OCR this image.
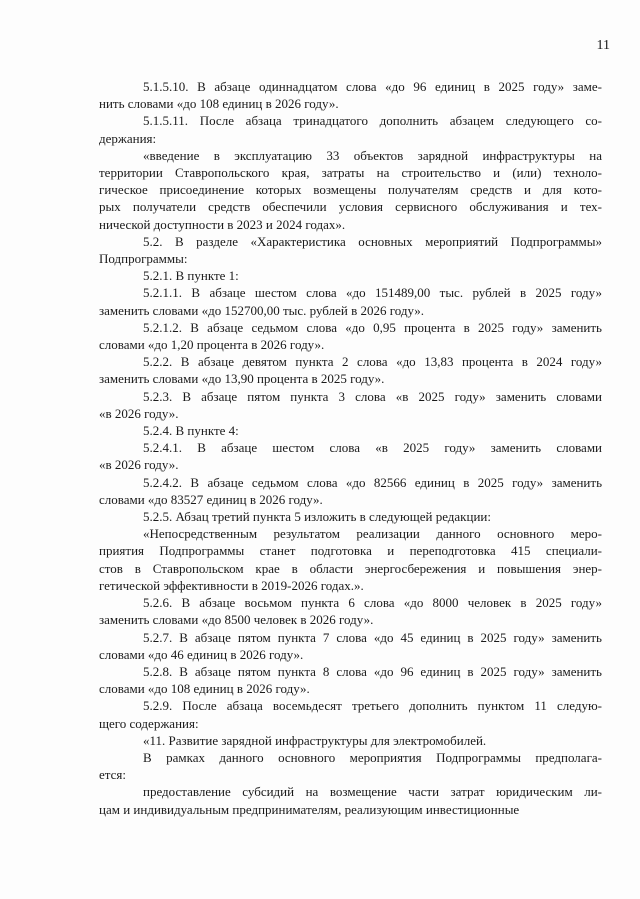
11
5.1.5.10. В абзаце одиннадцатом слова «до 96 единиц в 2025 году» заме-
нить словами «до 108 единиц в 2026 году».
5.1.5.11. После абзаца тринадцатого дополнить абзацем следующего со-
держания:
«введение в эксплуатацию 33 объектов зарядной инфраструктуры на
территории Ставропольского края, затраты на строительство и (или) техноло-
гическое присоединение которых возмещены получателям средств и для кото-
рых получатели средств обеспечили условия сервисного обслуживания и тех-
нической доступности в 2023 и 2024 годах».
5.2. В разделе «Характеристика основных мероприятий Подпрограммы»
Подпрограммы:
5.2.1. В пункте 1:
5.2.1.1. В абзаце шестом слова «до 151489,00 тыс. рублей в 2025 году»
заменить словами «до 152700,00 тыс. рублей в 2026 году».
5.2.1.2. В абзаце седьмом слова «до 0,95 процента в 2025 году» заменить
словами «до 1,20 процента в 2026 году».
5.2.2. В абзаце девятом пункта 2 слова «до 13,83 процента в 2024 году»
заменить словами «до 13,90 процента в 2025 году».
5.2.3. В абзаце пятом пункта 3 слова «в 2025 году» заменить словами
«в 2026 году».
5.2.4. В пункте 4:
5.2.4.1. В абзаце шестом слова «в 2025 году» заменить словами
«в 2026 году».
5.2.4.2. В абзаце седьмом слова «до 82566 единиц в 2025 году» заменить
словами «до 83527 единиц в 2026 году».
5.2.5. Абзац третий пункта 5 изложить в следующей редакции:
«Непосредственным результатом реализации данного основного меро-
приятия Подпрограммы станет подготовка и переподготовка 415 специали-
стов в Ставропольском крае в области энергосбережения и повышения энер-
гетической эффективности в 2019-2026 годах.».
5.2.6. В абзаце восьмом пункта 6 слова «до 8000 человек в 2025 году»
заменить словами «до 8500 человек в 2026 году».
5.2.7. В абзаце пятом пункта 7 слова «до 45 единиц в 2025 году» заменить
словами «до 46 единиц в 2026 году».
5.2.8. В абзаце пятом пункта 8 слова «до 96 единиц в 2025 году» заменить
словами «до 108 единиц в 2026 году».
5.2.9. После абзаца восемьдесят третьего дополнить пунктом 11 следую-
щего содержания:
«11. Развитие зарядной инфраструктуры для электромобилей.
В рамках данного основного мероприятия Подпрограммы предполага-
ется:
предоставление субсидий на возмещение части затрат юридическим ли-
цам и индивидуальным предпринимателям, реализующим инвестиционные
